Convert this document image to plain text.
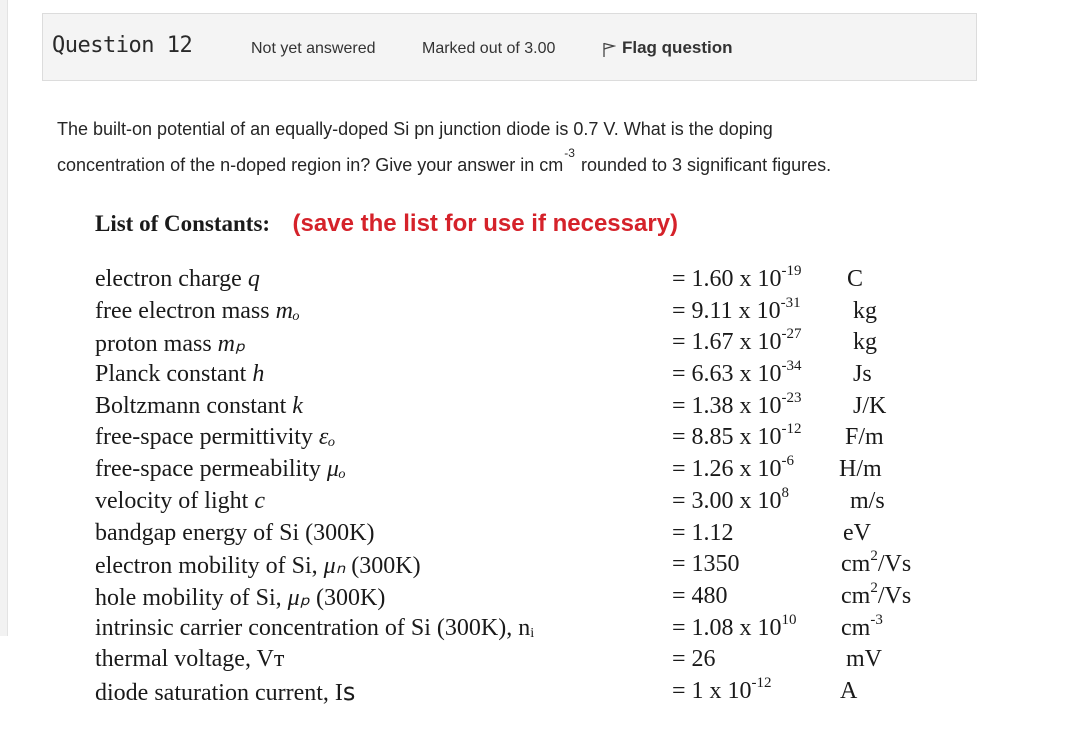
Question 12	Not yet answered	Marked out of 3.00	Flag question
The built-on potential of an equally-doped Si pn junction diode is 0.7 V. What is the doping
concentration of the n-doped region in? Give your answer in $cm^{-3}rounded$ to 3 significant figures.
List of Constants: (save the list for use if necessary)
electron charge q	= 1.60 x $10^{-19}$ C
free electron mass mₒ	= 9.11 x $10^{-31}$ kg
proton mass mₚ	= 1.67 x $10^{-27}$ kg
Planck constant h	= 6.63 x $10^{-34}$ Js
Boltzmann constant k	= 1.38 x $10^{-23}$ J/K
free-space permittivity εₒ	= 8.85 x $10^{-12}$ F/m
free-space permeability μₒ	= 1.26 x $10^{-6}$ H/m
velocity of light c	= 3.00 x $10^8$	m/s
bandgap energy of Si (300K)	= 1.12	eV
electron mobility of Si, μₙ (300K)	= 1350	$cm^2/Vs$
hole mobility of Si, μₚ (300K)	= 480	$cm^2/Vs$
intrinsic carrier concentration of Si (300K), nᵢ	= 1.08 x $10^{10}$ $cm^{-3}$
thermal voltage, Vᴛ	= 26	mV
diode saturation current, Iꜱ	= 1 x $10^{-12}$	A
